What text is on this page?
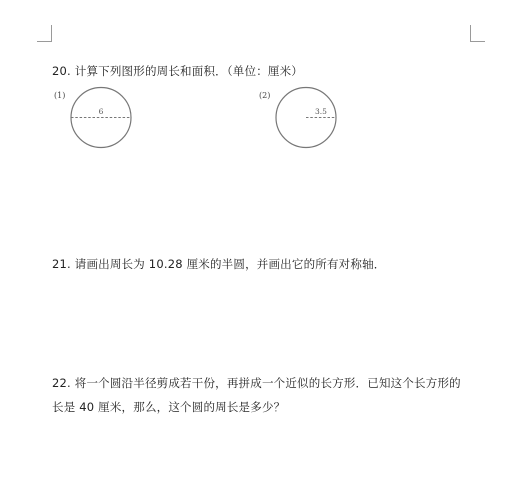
20. 计算下列图形的周长和面积．（单位：厘米）
(1)
6
(2)
3.5
21. 请画出周长为 10.28 厘米的半圆，并画出它的所有对称轴．
22. 将一个圆沿半径剪成若干份，再拼成一个近似的长方形．已知这个长方形的
长是 40 厘米，那么，这个圆的周长是多少？
